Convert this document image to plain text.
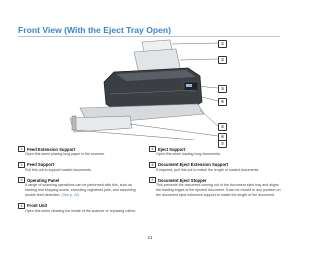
Front View (With the Eject Tray Open)
①
②
③
④
⑤
⑥
⑦
① Feed Extension Support
Open this when placing long paper in the scanner.
② Feed Support
Pull this out to support loaded documents.
③ Operating Panel
A range of scanning operations can be performed with this, such as starting and stopping scans, executing registered jobs, and cancelling double feed detection. (See p. 22)
④ Front Unit
Open this when cleaning the inside of the scanner or replacing rollers.
⑤ Eject Support
Open this when loading long documents.
⑥ Document Eject Extension Support
If required, pull this out to match the length of loaded documents.
⑦ Document Eject Stopper
This prevents the document coming out of the document eject tray and aligns the leading edges of the ejected document. It can be moved to any position on the document eject extension support to match the length of the document.
21
